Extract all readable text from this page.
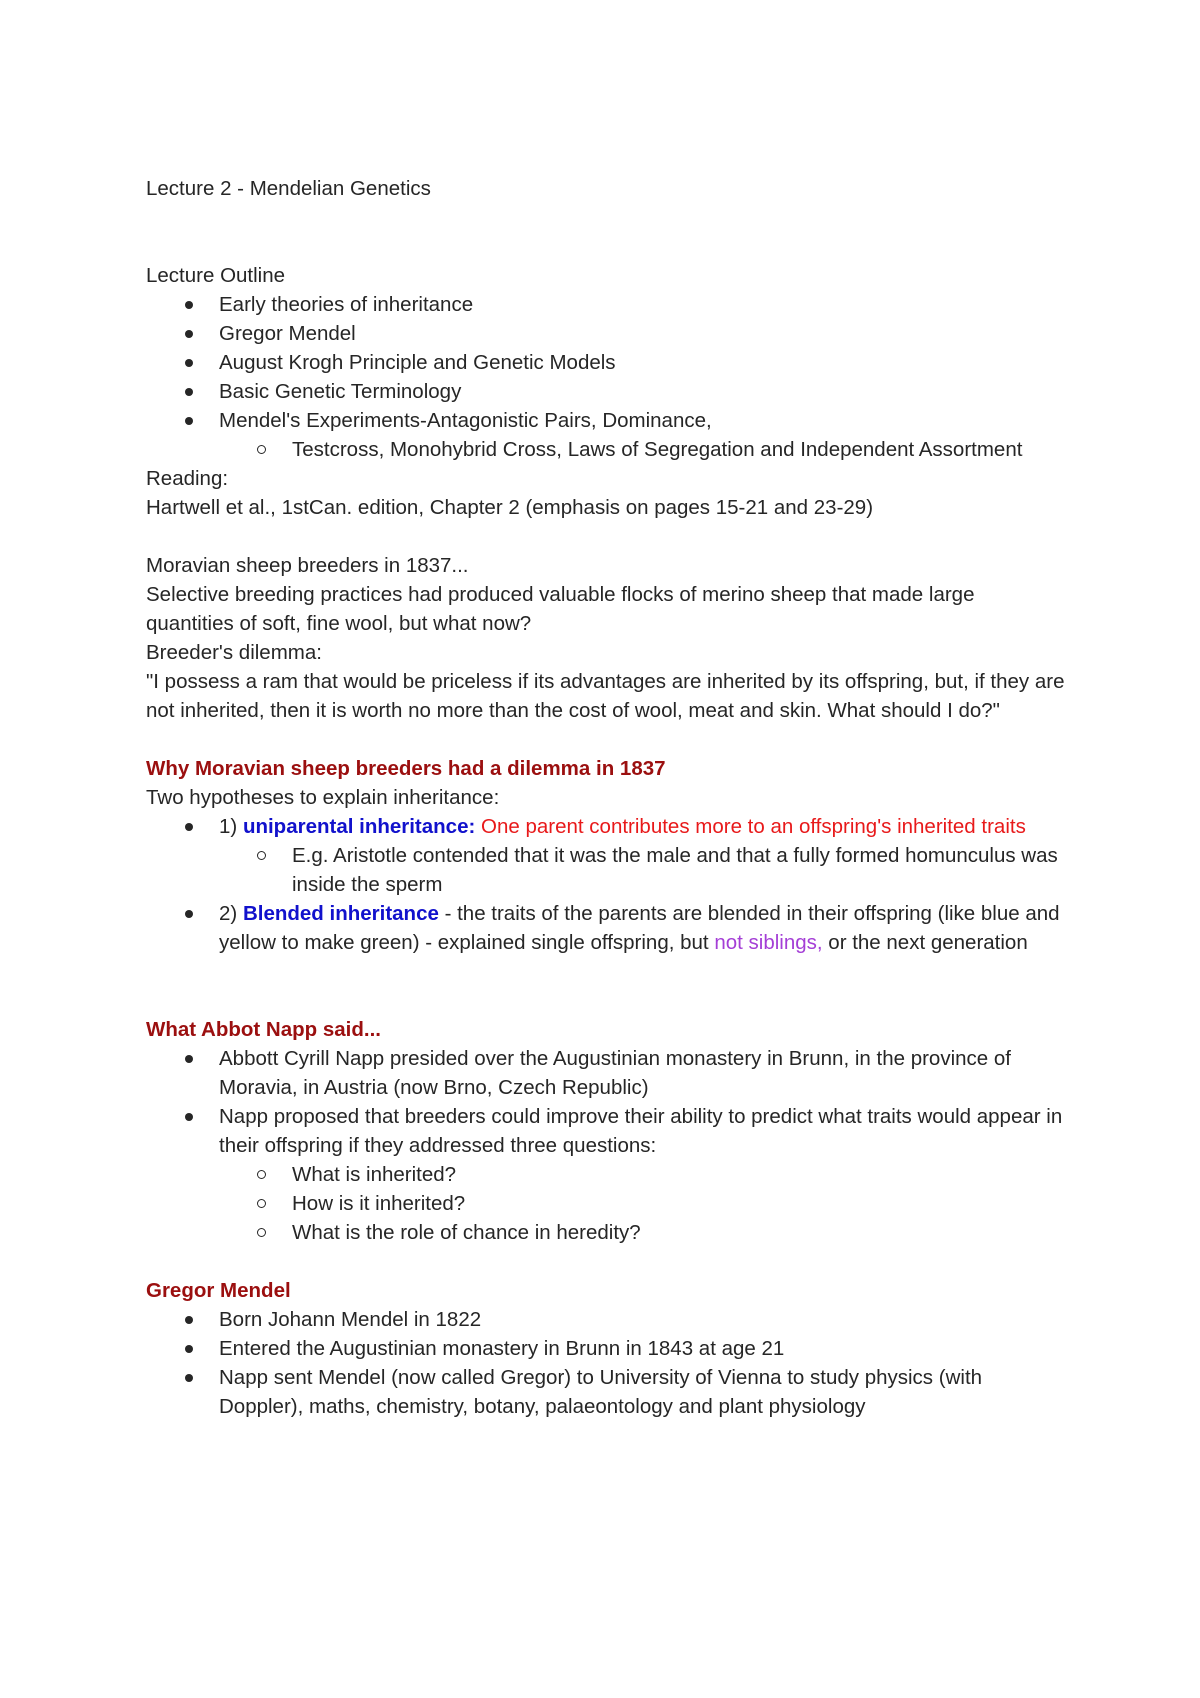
Lecture 2 - Mendelian Genetics

Lecture Outline

Early theories of inheritance
Gregor Mendel
August Krogh Principle and Genetic Models
Basic Genetic Terminology
Mendel's Experiments-Antagonistic Pairs, Dominance,
Testcross, Monohybrid Cross, Laws of Segregation and Independent Assortment

Reading:

Hartwell et al., 1stCan. edition, Chapter 2 (emphasis on pages 15-21 and 23-29)

Moravian sheep breeders in 1837...

Selective breeding practices had produced valuable flocks of merino sheep that made large quantities of soft, fine wool, but what now?

Breeder's dilemma:

"I possess a ram that would be priceless if its advantages are inherited by its offspring, but, if they are not inherited, then it is worth no more than the cost of wool, meat and skin. What should I do?"

Why Moravian sheep breeders had a dilemma in 1837

Two hypotheses to explain inheritance:

1) uniparental inheritance: One parent contributes more to an offspring's inherited traits
E.g. Aristotle contended that it was the male and that a fully formed homunculus was inside the sperm
2) Blended inheritance - the traits of the parents are blended in their offspring (like blue and yellow to make green) - explained single offspring, but not siblings, or the next generation

What Abbot Napp said...

Abbott Cyrill Napp presided over the Augustinian monastery in Brunn, in the province of Moravia, in Austria (now Brno, Czech Republic)
Napp proposed that breeders could improve their ability to predict what traits would appear in their offspring if they addressed three questions:
What is inherited?
How is it inherited?
What is the role of chance in heredity?

Gregor Mendel

Born Johann Mendel in 1822
Entered the Augustinian monastery in Brunn in 1843 at age 21
Napp sent Mendel (now called Gregor) to University of Vienna to study physics (with Doppler), maths, chemistry, botany, palaeontology and plant physiology
